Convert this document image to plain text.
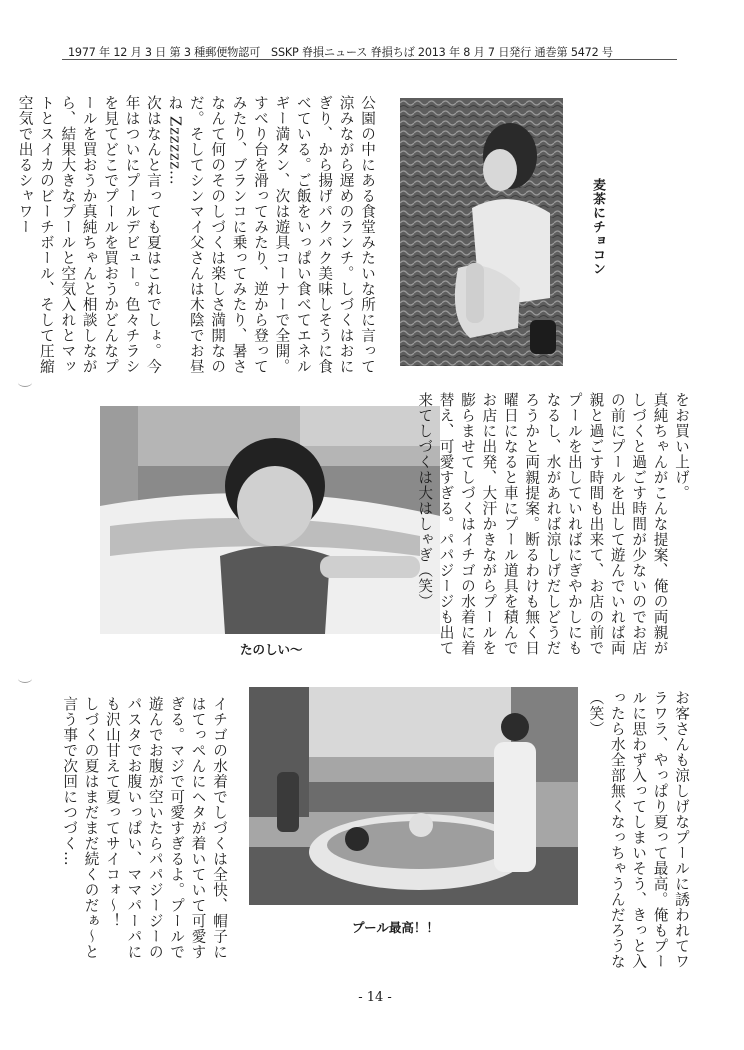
1977 年 12 月 3 日 第 3 種郵便物認可　SSKP 脊損ニュース 脊損ちば 2013 年 8 月 7 日発行 通巻第 5472 号

公園の中にある食堂みたいな所に言って涼みながら遅めのランチ。しづくはおにぎり、から揚げパクパク美味しそうに食べている。ご飯をいっぱい食べてエネルギー満タン、次は遊具コーナーで全開。すべり台を滑ってみたり、逆から登ってみたり、ブランコに乗ってみたり、暑さなんて何のそのしづくは楽しさ満開なのだ。そしてシンマイ父さんは木陰でお昼ね Zzzzzz…

次はなんと言っても夏はこれでしょ。今年はついにプールデビュー。色々チラシを見てどこでプールを買おうかどんなプールを買おうか真純ちゃんと相談しながら、結果大きなプールと空気入れとマットとスイカのビーチボール、そして圧縮空気で出るシャワー	麦茶にチョコン
たのしい～

をお買い上げ。

真純ちゃんがこんな提案、俺の両親がしづくと過ごす時間が少ないのでお店の前にプールを出して遊んでいれば両親と過ごす時間も出来て、お店の前でプールを出していればにぎやかしにもなるし、水があれば涼しげだしどうだろうかと両親提案。断るわけも無く日曜日になると車にプール道具を積んでお店に出発、大汗かきながらプールを膨らませてしづくはイチゴの水着に着替え、可愛すぎる。パパジージも出て来てしづくは大はしゃぎ（笑）

お客さんも涼しげなプールに誘われてワラワラ、やっぱり夏って最高。俺もプールに思わず入ってしまいそう、きっと入ったら水全部無くなっちゃうんだろうな（笑）

プール最高！！

イチゴの水着でしづくは全快、帽子にはてっぺんにヘタが着いていて可愛すぎる。マジで可愛すぎるよ。プールで遊んでお腹が空いたらパパジージーのパスタでお腹いっぱい、ママパーパにも沢山甘えて夏ってサイコォ～！

しづくの夏はまだまだ続くのだぁ～と言う事で次回につづく…

- 14 -
